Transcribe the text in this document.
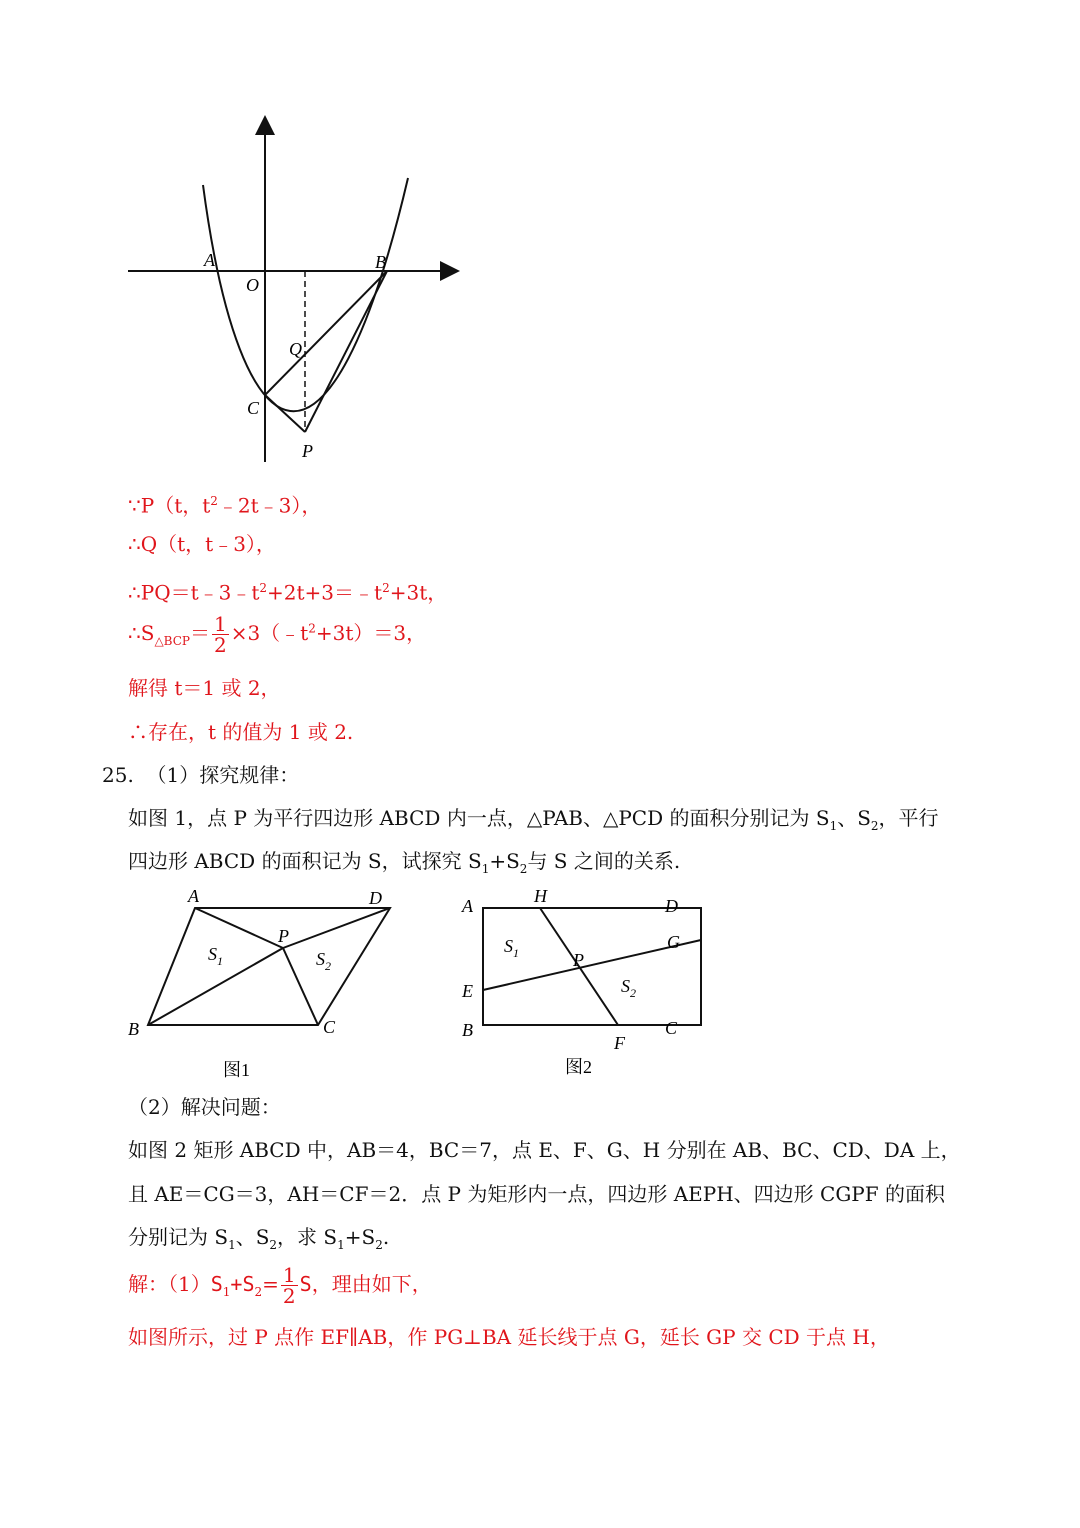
A
O
B
Q
C
P
∵P（t，$t^2﹣2t﹣3$），
∴Q（t，t﹣3），
$\therefore PQ=t﹣3﹣t^2+2t+3=﹣t^2+3t$，
$\therefore S_{\triangle BCP}= \frac{1}{2}$ $\times 3(﹣t^2+3t)=3$，
解得 t＝1 或 2，
∴存在，t 的值为 1 或 2.
25. （1）探究规律：
如图 1，点 P 为平行四边形 ABCD 内一点，△PAB、△PCD 的面积分别记为 $S_1$、$S_2$，平行
四边形 ABCD 的面积记为 S，试探究 $S_1+S_2$与 S 之间的关系.
A	D
P
$S_1$	$S_2$
B	C
图1
A	H	D
G
E
P
$S_1$
$S_2$
B	C
F
图2
（2）解决问题：
如图 2 矩形 ABCD 中，AB＝4，BC＝7，点 E、F、G、H 分别在 AB、BC、CD、DA 上，
且 AE＝CG＝3，AH＝CF＝2．点 P 为矩形内一点，四边形 AEPH、四边形 CGPF 的面积
分别记为 $S_1$、$S_2$，求 $S_1+S_2$.
解：$(1)S_1+S_2= \frac{1}{2}$ S，理由如下，
如图所示，过 P 点作 EF∥AB，作 PG⊥BA 延长线于点 G，延长 GP 交 CD 于点 H，
